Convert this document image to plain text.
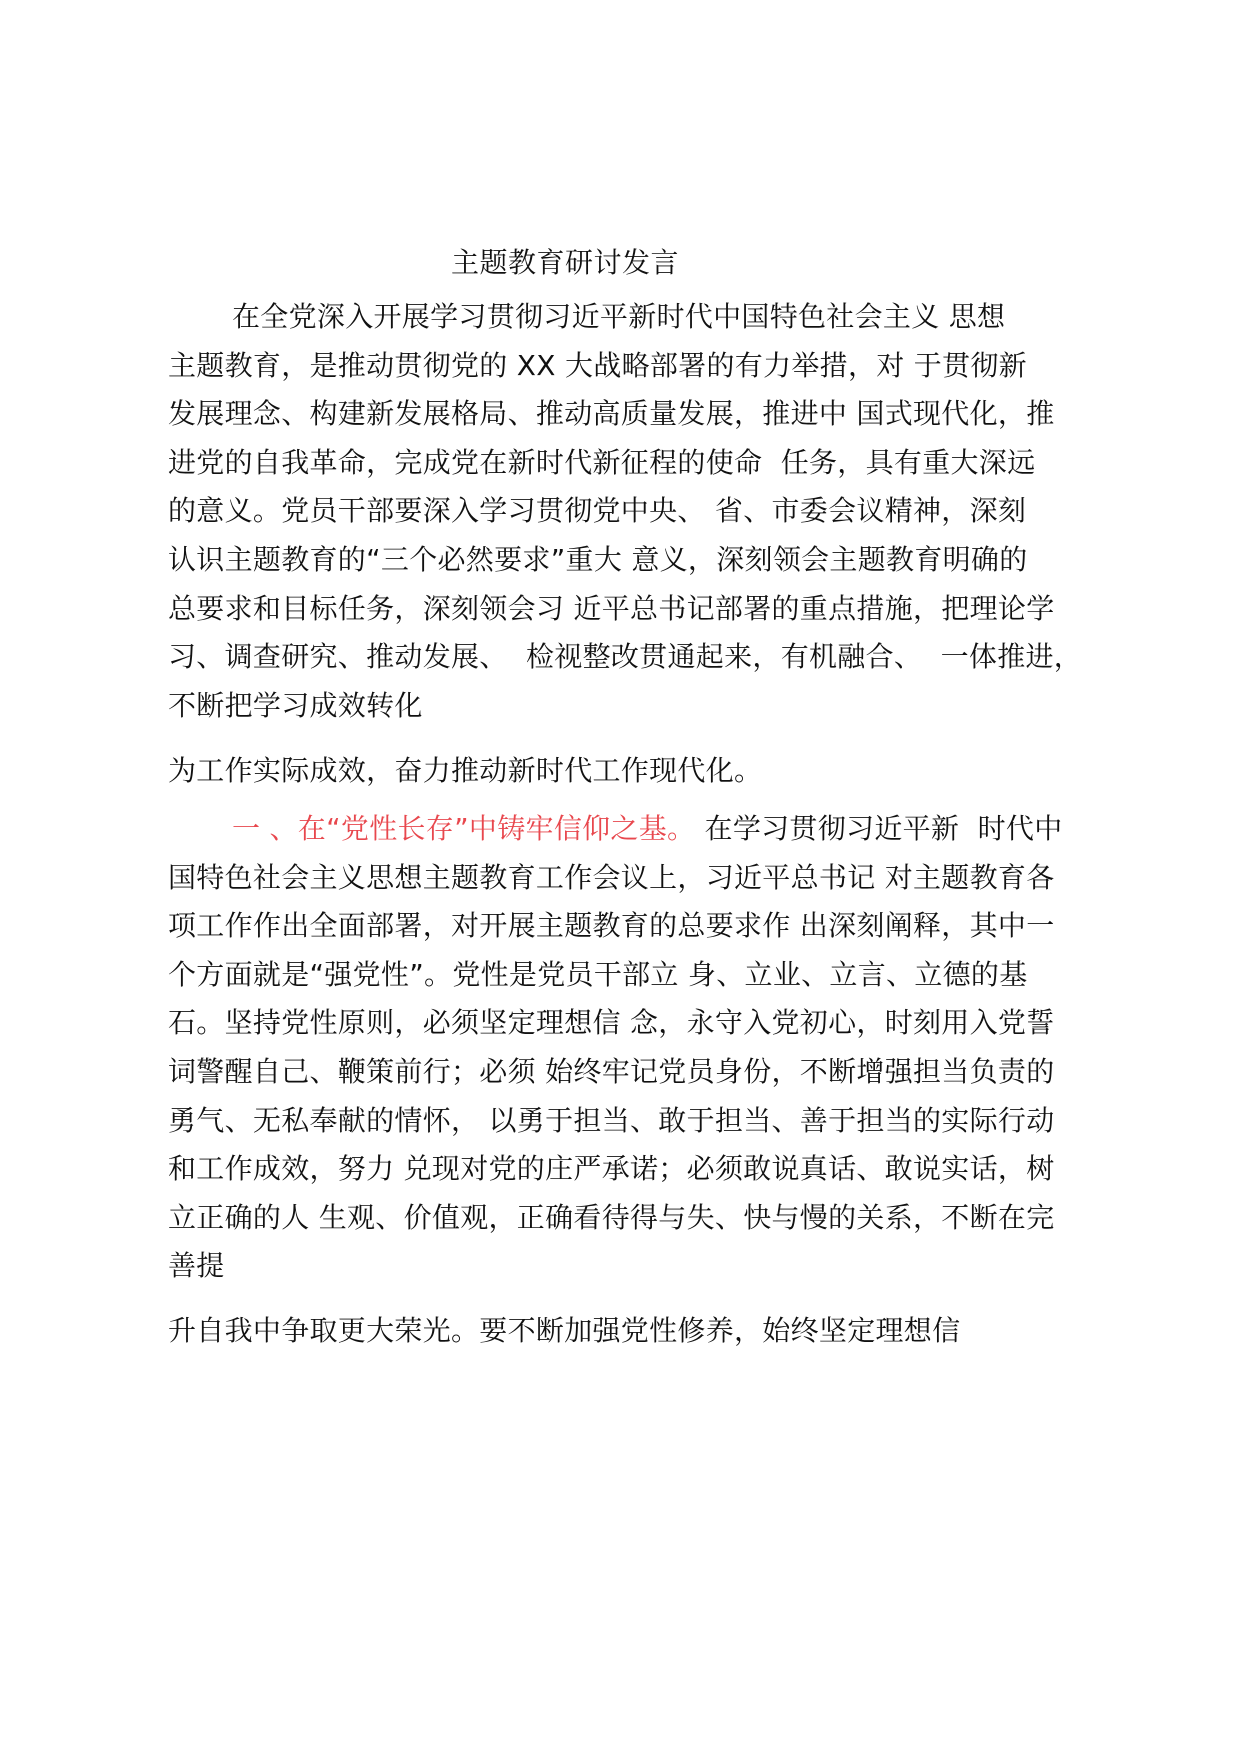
主题教育研讨发言
在全党深入开展学习贯彻习近平新时代中国特色社会主义 思想
主题教育，是推动贯彻党的 XX 大战略部署的有力举措，对 于贯彻新
发展理念、构建新发展格局、推动高质量发展，推进中 国式现代化，推
进党的自我革命，完成党在新时代新征程的使命  任务，具有重大深远
的意义。党员干部要深入学习贯彻党中央、 省、市委会议精神，深刻
认识主题教育的“三个必然要求”重大 意义，深刻领会主题教育明确的
总要求和目标任务，深刻领会习 近平总书记部署的重点措施，把理论学
习、调查研究、推动发展、  检视整改贯通起来，有机融合、  一体推进，
不断把学习成效转化
为工作实际成效，奋力推动新时代工作现代化。
一 、在“党性长存”中铸牢信仰之基。 在学习贯彻习近平新  时代中
国特色社会主义思想主题教育工作会议上，习近平总书记 对主题教育各
项工作作出全面部署，对开展主题教育的总要求作 出深刻阐释，其中一
个方面就是“强党性”。党性是党员干部立 身、立业、立言、立德的基
石。坚持党性原则，必须坚定理想信 念，永守入党初心，时刻用入党誓
词警醒自己、鞭策前行；必须 始终牢记党员身份，不断增强担当负责的
勇气、无私奉献的情怀， 以勇于担当、敢于担当、善于担当的实际行动
和工作成效，努力 兑现对党的庄严承诺；必须敢说真话、敢说实话，树
立正确的人 生观、价值观，正确看待得与失、快与慢的关系，不断在完
善提
升自我中争取更大荣光。要不断加强党性修养，始终坚定理想信
